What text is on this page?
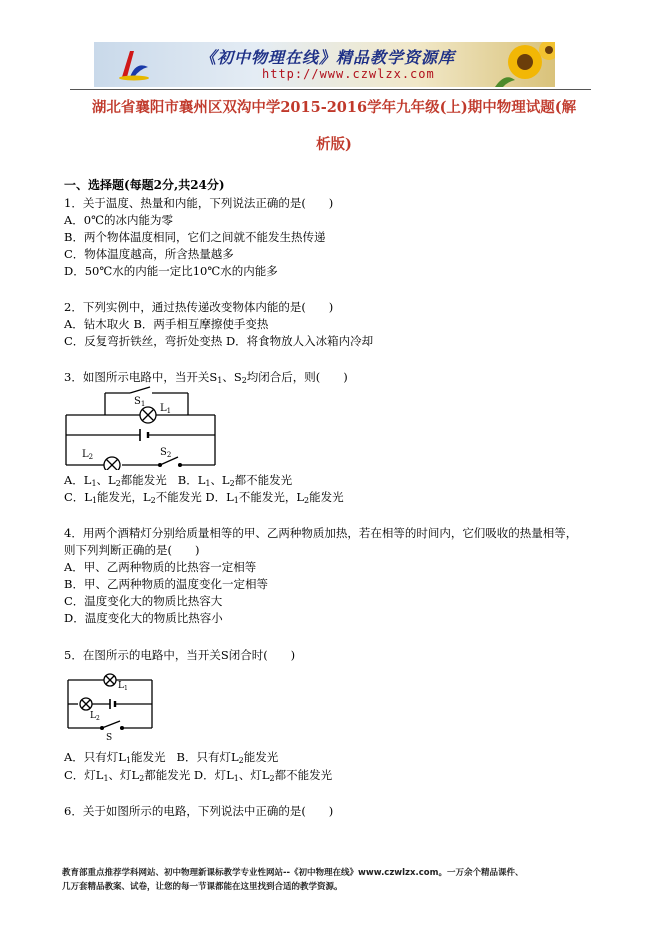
《初中物理在线》精品教学资源库
http://www.czwlzx.com
湖北省襄阳市襄州区双沟中学2015-2016学年九年级(上)期中物理试题(解
析版)
一、选择题(每题2分,共24分)
1．关于温度、热量和内能，下列说法正确的是(　　)
A．0℃的冰内能为零
B．两个物体温度相同，它们之间就不能发生热传递
C．物体温度越高，所含热量越多
D．50℃水的内能一定比10℃水的内能多
2．下列实例中，通过热传递改变物体内能的是(　　)
A．钻木取火 B．两手相互摩擦使手变热
C．反复弯折铁丝，弯折处变热 D．将食物放人入冰箱内冷却
3．如图所示电路中，当开关$S_1$、$S_2$均闭合后，则(　　)
$S_1$ $L_1$
$L_2$	$S_2$
A．$L_1$、$L_2$都能发光 B．$L_1$、$L_2$都不能发光
C．$L_1$能发光，$L_2$不能发光 D．$L_1$不能发光，$L_2$能发光
4．用两个酒精灯分别给质量相等的甲、乙两种物质加热，若在相等的时间内，它们吸收的热量相等，
则下列判断正确的是(　　)
A．甲、乙两种物质的比热容一定相等
B．甲、乙两种物质的温度变化一定相等
C．温度变化大的物质比热容大
D．温度变化大的物质比热容小
5．在图所示的电路中，当开关S闭合时(　　)
$L_1$
$L_2$
S
A．只有灯$L_1$能发光 B．只有灯$L_2$能发光
C．灯$L_1$、灯$L_2$都能发光 D．灯$L_1$、灯$L_2$都不能发光
6．关于如图所示的电路，下列说法中正确的是(　　)
教育部重点推荐学科网站、初中物理新课标教学专业性网站--《初中物理在线》www.czwlzx.com。一万余个精品课件、
几万套精品教案、试卷，让您的每一节课都能在这里找到合适的教学资源。
